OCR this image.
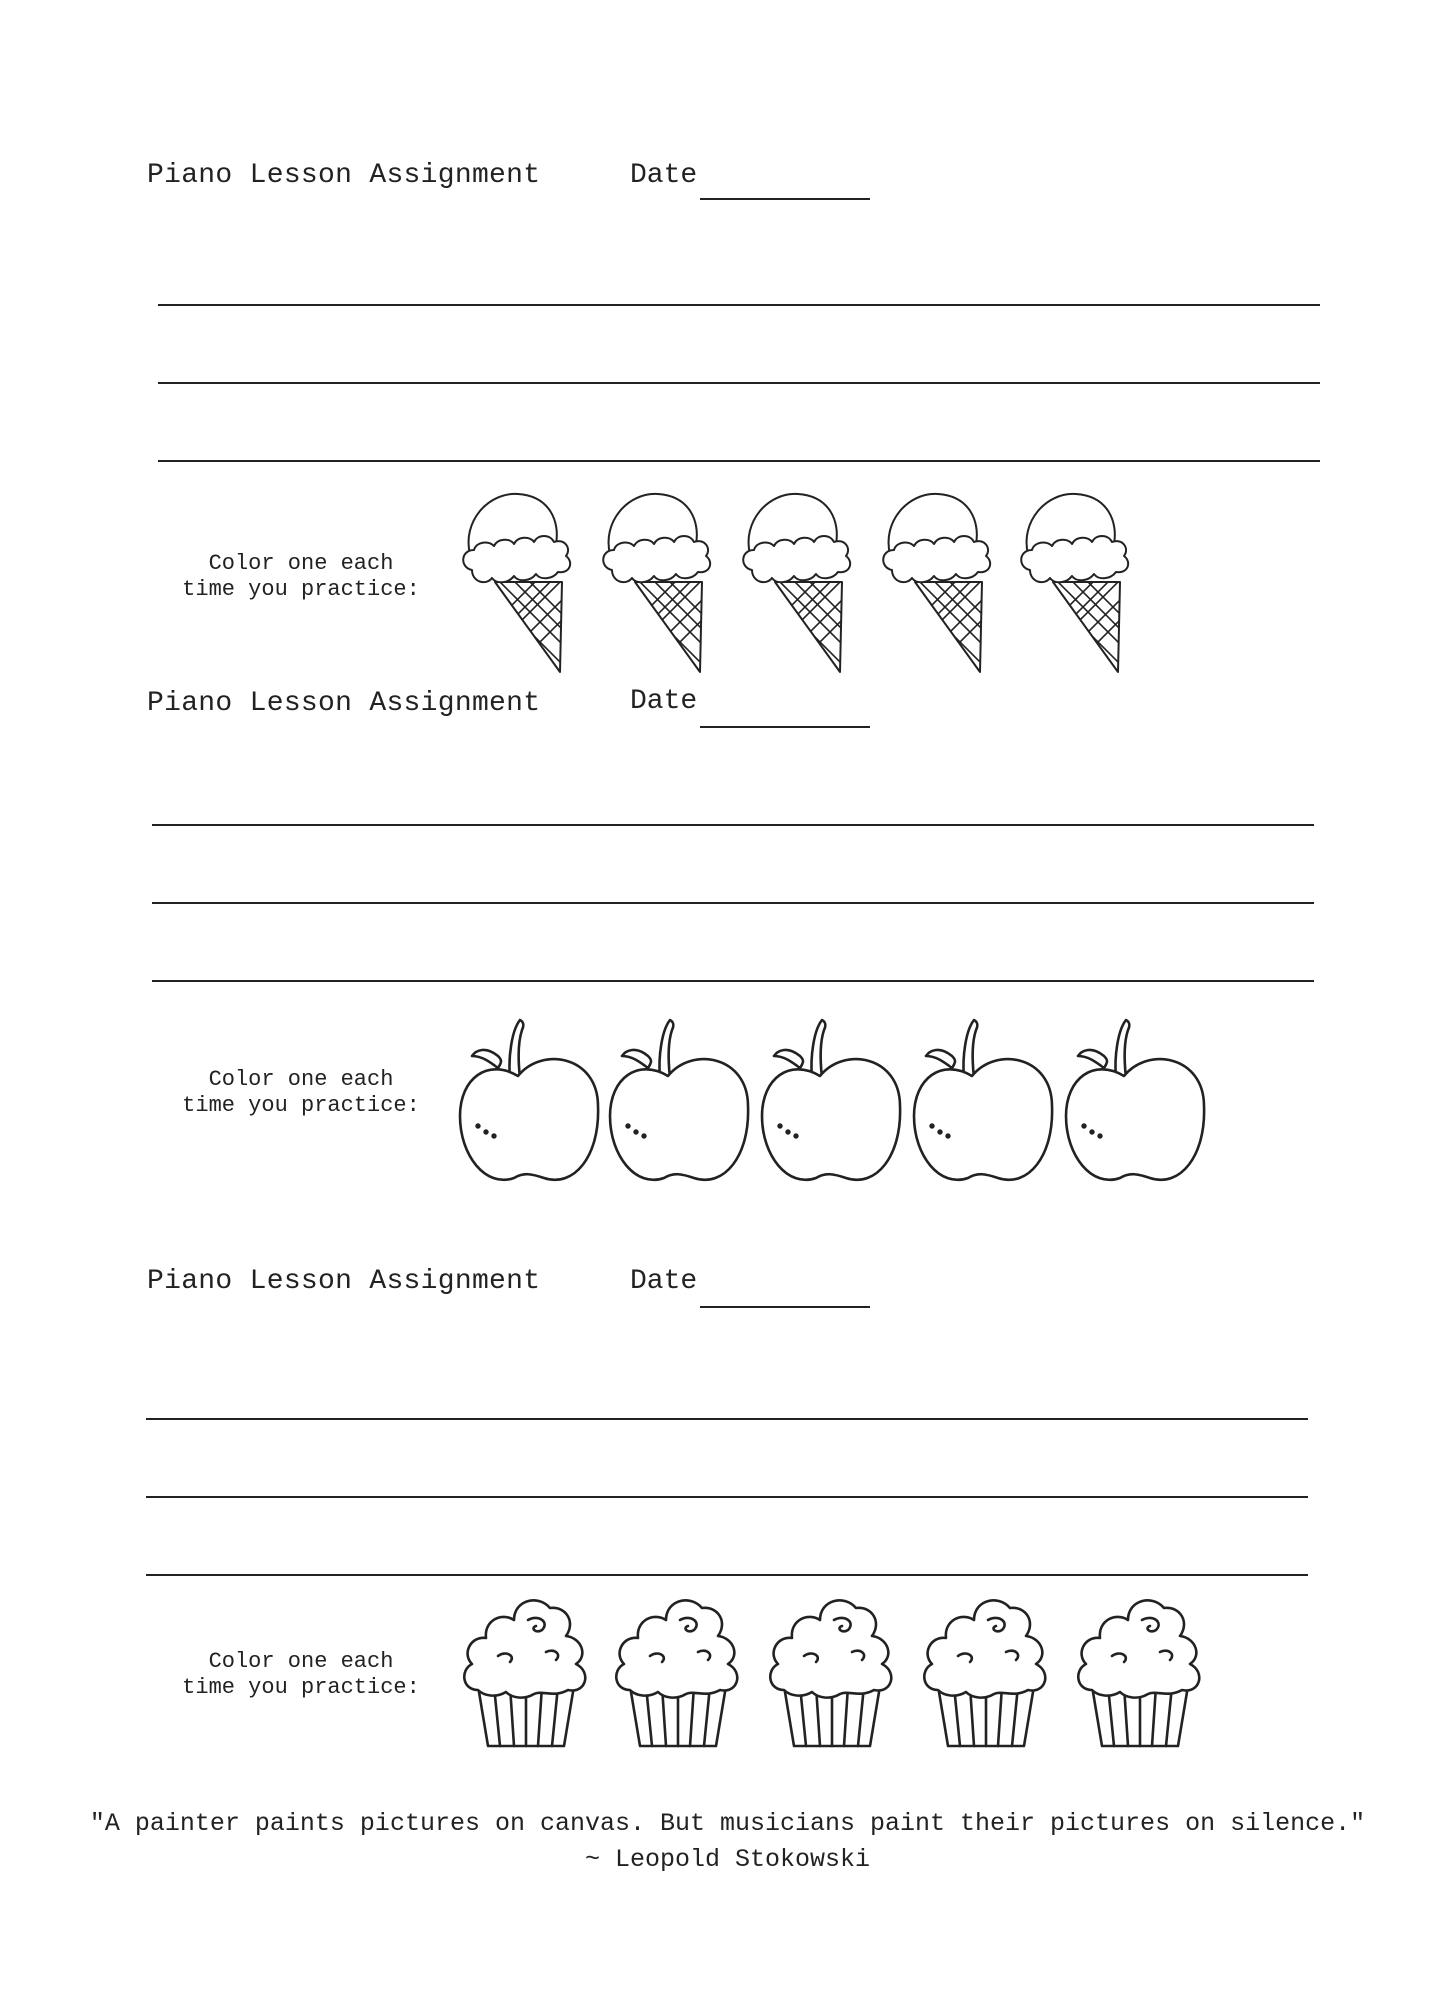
Piano Lesson Assignment	Date
Color one each
time you practice:
Piano Lesson Assignment	Date
Color one each
time you practice:
Piano Lesson Assignment	Date
Color one each
time you practice:
"A painter paints pictures on canvas. But musicians paint their pictures on silence."
~ Leopold Stokowski
